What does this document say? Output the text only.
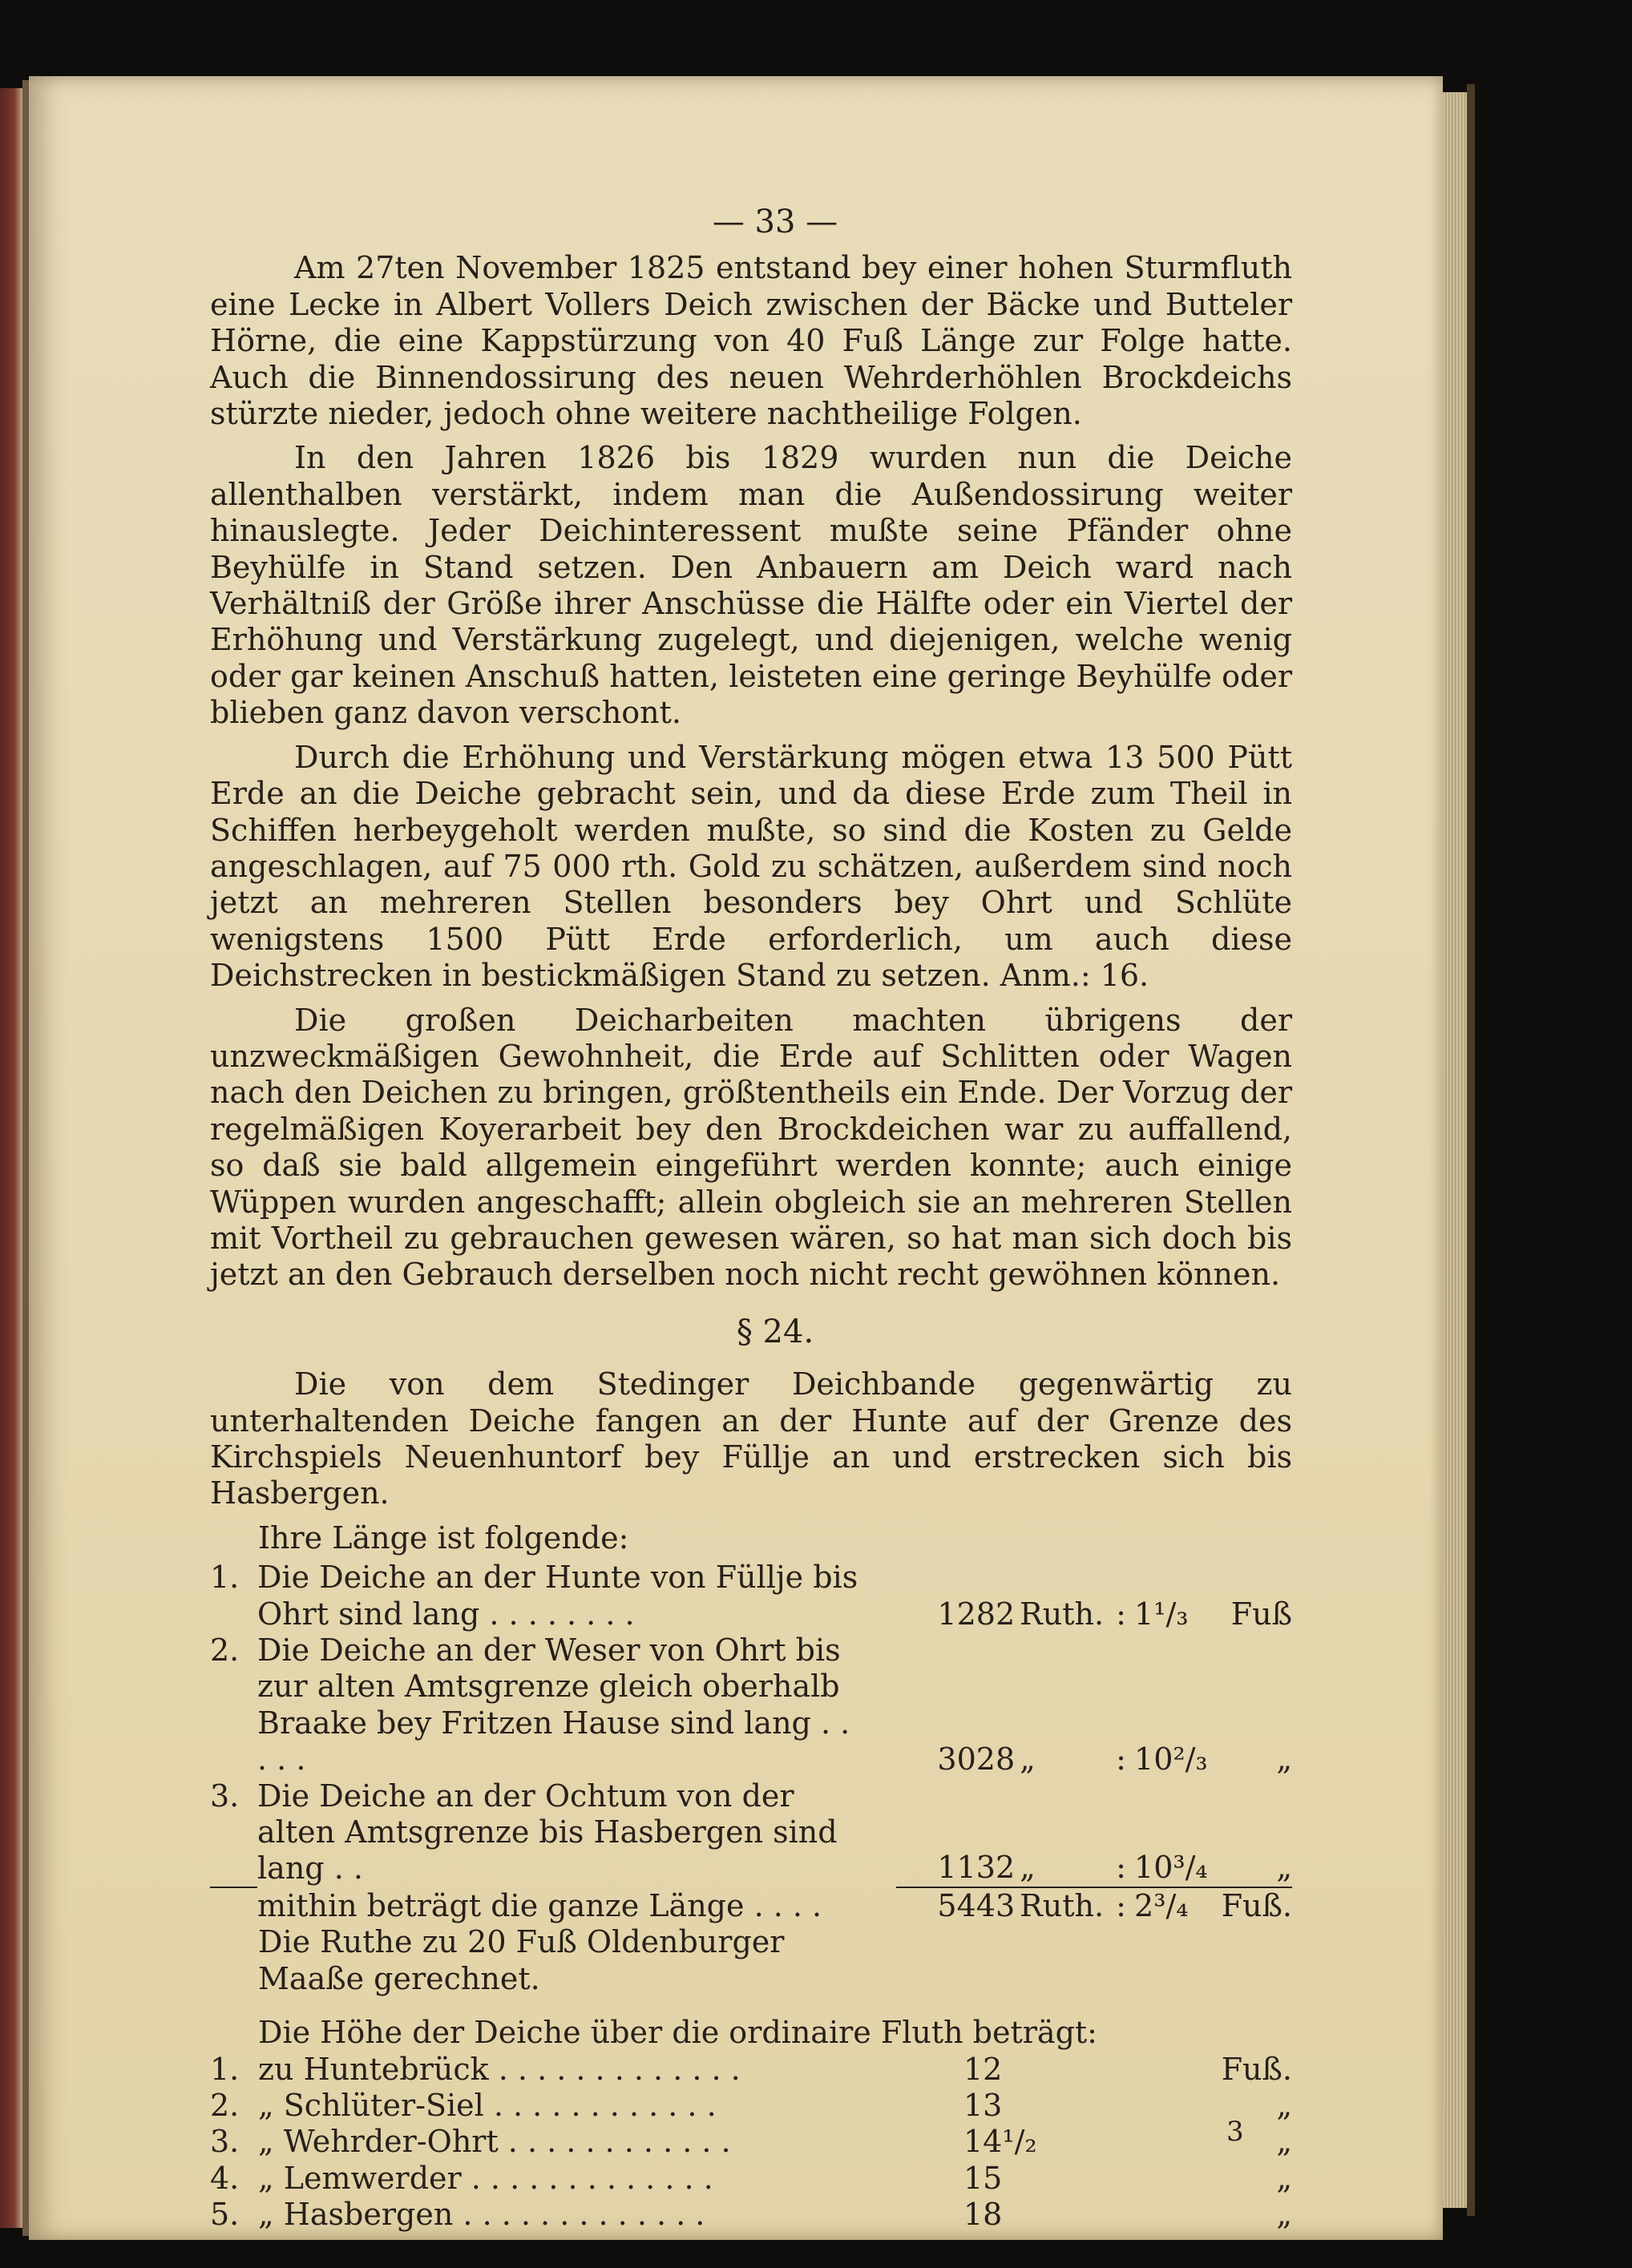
— 33 —

Am 27ten November 1825 entstand bey einer hohen Sturmfluth eine Lecke in Albert Vollers Deich zwischen der Bäcke und Butteler Hörne, die eine Kappstürzung von 40 Fuß Länge zur Folge hatte. Auch die Binnendossirung des neuen Wehrderhöhlen Brockdeichs stürzte nieder, jedoch ohne weitere nachtheilige Folgen.

In den Jahren 1826 bis 1829 wurden nun die Deiche allenthalben verstärkt, indem man die Außendossirung weiter hinauslegte. Jeder Deichinteressent mußte seine Pfänder ohne Beyhülfe in Stand setzen. Den Anbauern am Deich ward nach Verhältniß der Größe ihrer Anschüsse die Hälfte oder ein Viertel der Erhöhung und Verstärkung zugelegt, und diejenigen, welche wenig oder gar keinen Anschuß hatten, leisteten eine geringe Beyhülfe oder blieben ganz davon verschont.

Durch die Erhöhung und Verstärkung mögen etwa 13 500 Pütt Erde an die Deiche gebracht sein, und da diese Erde zum Theil in Schiffen herbeygeholt werden mußte, so sind die Kosten zu Gelde angeschlagen, auf 75 000 rth. Gold zu schätzen, außerdem sind noch jetzt an mehreren Stellen besonders bey Ohrt und Schlüte wenigstens 1500 Pütt Erde erforderlich, um auch diese Deichstrecken in bestickmäßigen Stand zu setzen. Anm.: 16.

Die großen Deicharbeiten machten übrigens der unzweckmäßigen Gewohnheit, die Erde auf Schlitten oder Wagen nach den Deichen zu bringen, größtentheils ein Ende. Der Vorzug der regelmäßigen Koyerarbeit bey den Brockdeichen war zu auffallend, so daß sie bald allgemein eingeführt werden konnte; auch einige Wüppen wurden angeschafft; allein obgleich sie an mehreren Stellen mit Vortheil zu gebrauchen gewesen wären, so hat man sich doch bis jetzt an den Gebrauch derselben noch nicht recht gewöhnen können.

§ 24.

Die von dem Stedinger Deichbande gegenwärtig zu unterhaltenden Deiche fangen an der Hunte auf der Grenze des Kirchspiels Neuenhuntorf bey Füllje an und erstrecken sich bis Hasbergen.

Ihre Länge ist folgende:
1.	Die Deiche an der Hunte von Füllje bis Ohrt sind lang . . . . . . . .	1282	Ruth.	:	1¹/₃	Fuß
2.	Die Deiche an der Weser von Ohrt bis zur alten Amtsgrenze gleich oberhalb Braake bey Fritzen Hause sind lang . . . . .	3028	„	:	10²/₃	„
3.	Die Deiche an der Ochtum von der alten Amtsgrenze bis Hasbergen sind lang . .	1132	„	:	10³/₄	„
	mithin beträgt die ganze Länge . . . .	5443	Ruth.	:	2³/₄	Fuß.
Die Ruthe zu 20 Fuß Oldenburger Maaße gerechnet.
Die Höhe der Deiche über die ordinaire Fluth beträgt:
1.	zu Huntebrück . . . . . . . . . . . . .	12	Fuß.
2.	„ Schlüter-Siel . . . . . . . . . . . .	13	„
3.	„ Wehrder-Ohrt . . . . . . . . . . . .	14¹/₂	„
4.	„ Lemwerder . . . . . . . . . . . . .	15	„
5.	„ Hasbergen . . . . . . . . . . . . .	18	„
3
